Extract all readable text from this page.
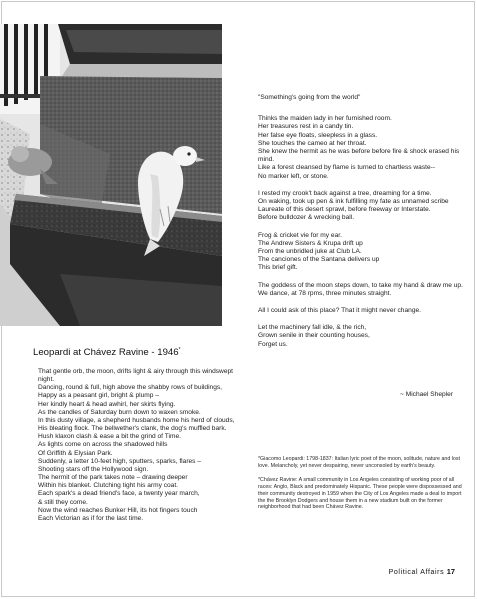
"Something's going from the world"

Thinks the maiden lady in her furnished room.

Her treasures rest in a candy tin.

Her false eye floats, sleepless in a glass.

She touches the cameo at her throat.

She knew the hermit as he was before before fire & shock erased his mind.

Like a forest cleansed by flame is turned to chartless waste--

No marker left, or stone.

I rested my crook't back against a tree, dreaming for a time.

On waking, took up pen & ink fulfilling my fate as unnamed scribe

Laureate of this desert sprawl, before freeway or Interstate.

Before bulldozer & wrecking ball.

Frog & cricket vie for my ear.

The Andrew Sisters & Krupa drift up

From the unbridled juke at Club LA.

The canciones of the Santana delivers up

This brief gift.

The goddess of the moon steps down, to take my hand & draw me up.

We dance, at 78 rpms, three minutes straight.

All I could ask of this place? That it might never change.

Let the machinery fall idle, & the rich,

Grown senile in their counting houses,

Forget us.

~ Michael Shepler
Leopardi at Chávez Ravine - 1946*

That gentle orb, the moon, drifts light & airy through this windswept night.

Dancing, round & full, high above the shabby rows of buildings,

Happy as a peasant girl, bright & plump –

Her kindly heart & head awhirl, her skirts flying.

As the candles of Saturday burn down to waxen smoke.

In this dusty village, a shepherd husbands home his herd of clouds,

His bleating flock. The bellwether's clank, the dog's muffled bark.

Hush klaxon clash & ease a bit the grind of Time.

As lights come on across the shadowed hills

Of Griffith & Elysian Park.

Suddenly, a letter 10-feet high, sputters, sparks, flares –

Shooting stars off the Hollywood sign.

The hermit of the park takes note – drawing deeper

Within his blanket. Clutching tight his army coat.

Each spark's a dead friend's face, a twenty year march,

& still they come.

Now the wind reaches Bunker Hill, its hot fingers touch

Each Victorian as if for the last time.

*Giacomo Leopardi: 1798-1837: Italian lyric poet of the moon, solitude, nature and lost love. Melancholy, yet never despairing, never unconsoled by earth's beauty.

*Chávez Ravine: A small community in Los Angeles consisting of working poor of all races: Anglo, Black and predominately Hispanic. These people were dispossessed and their community destroyed in 1959 when the City of Los Angeles made a deal to import the the Brooklyn Dodgers and house them in a new stadium built on the former neighborhood that had been Chávez Ravine.

Political Affairs 17
